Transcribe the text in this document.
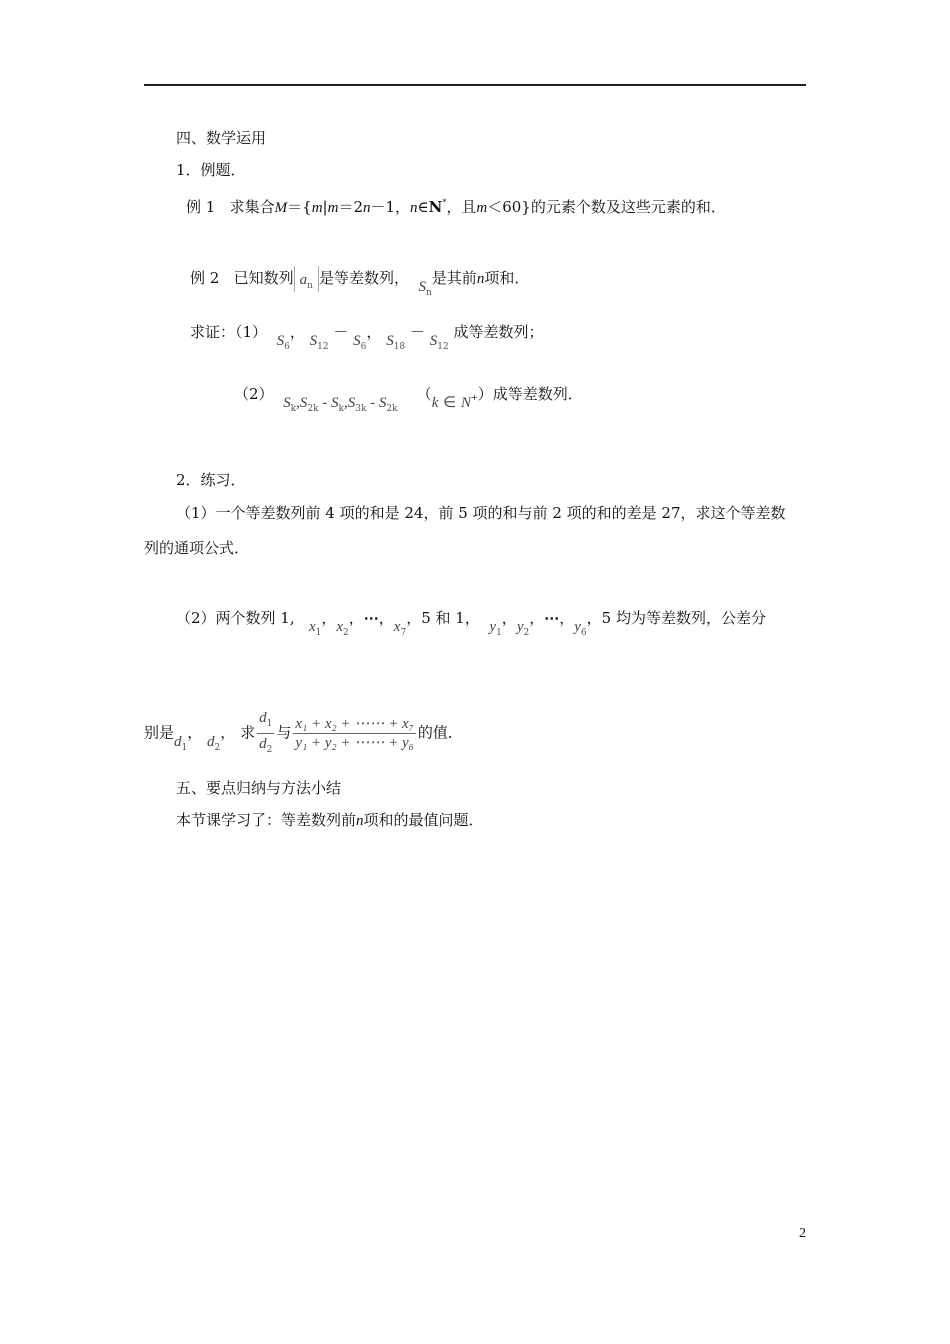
四、数学运用
1．例题．
例 1 求集合M＝{m|m＝2n－1，n∈N*，且m＜60}的元素个数及这些元素的和．
例 2 已知数列 $a_n$ 是等差数列， $S_n$是其前n项和．
求证：（1） $S_6$， $S_{12} - S_6$， $S_{18} - S_{12}$ 成等差数列；
（2） $S_k,S_{2k} - S_k,S_{3k} - S_{2k}$    （k ∈ N+）成等差数列．
2．练习．
（1）一个等差数列前 4 项的和是 24，前 5 项的和与前 2 项的和的差是 27，求这个等差数
列的通项公式．
（2）两个数列 1, $x_1$，$x_2$，⋯，$x_7$，5 和 1， $y_1$，$y_2$，⋯，$y_6$，5 均为等差数列，公差分
别是$d_1$， $d_2$， 求 $\frac{d_1}{d_2}$ 与 $\frac{\text{x₁ + x₂ + ⋯⋯ + x₇}}{\text{y₁ + y₂ + ⋯⋯ + y₆}}$ 的值．
五、要点归纳与方法小结
本节课学习了：等差数列前n项和的最值问题．
2
